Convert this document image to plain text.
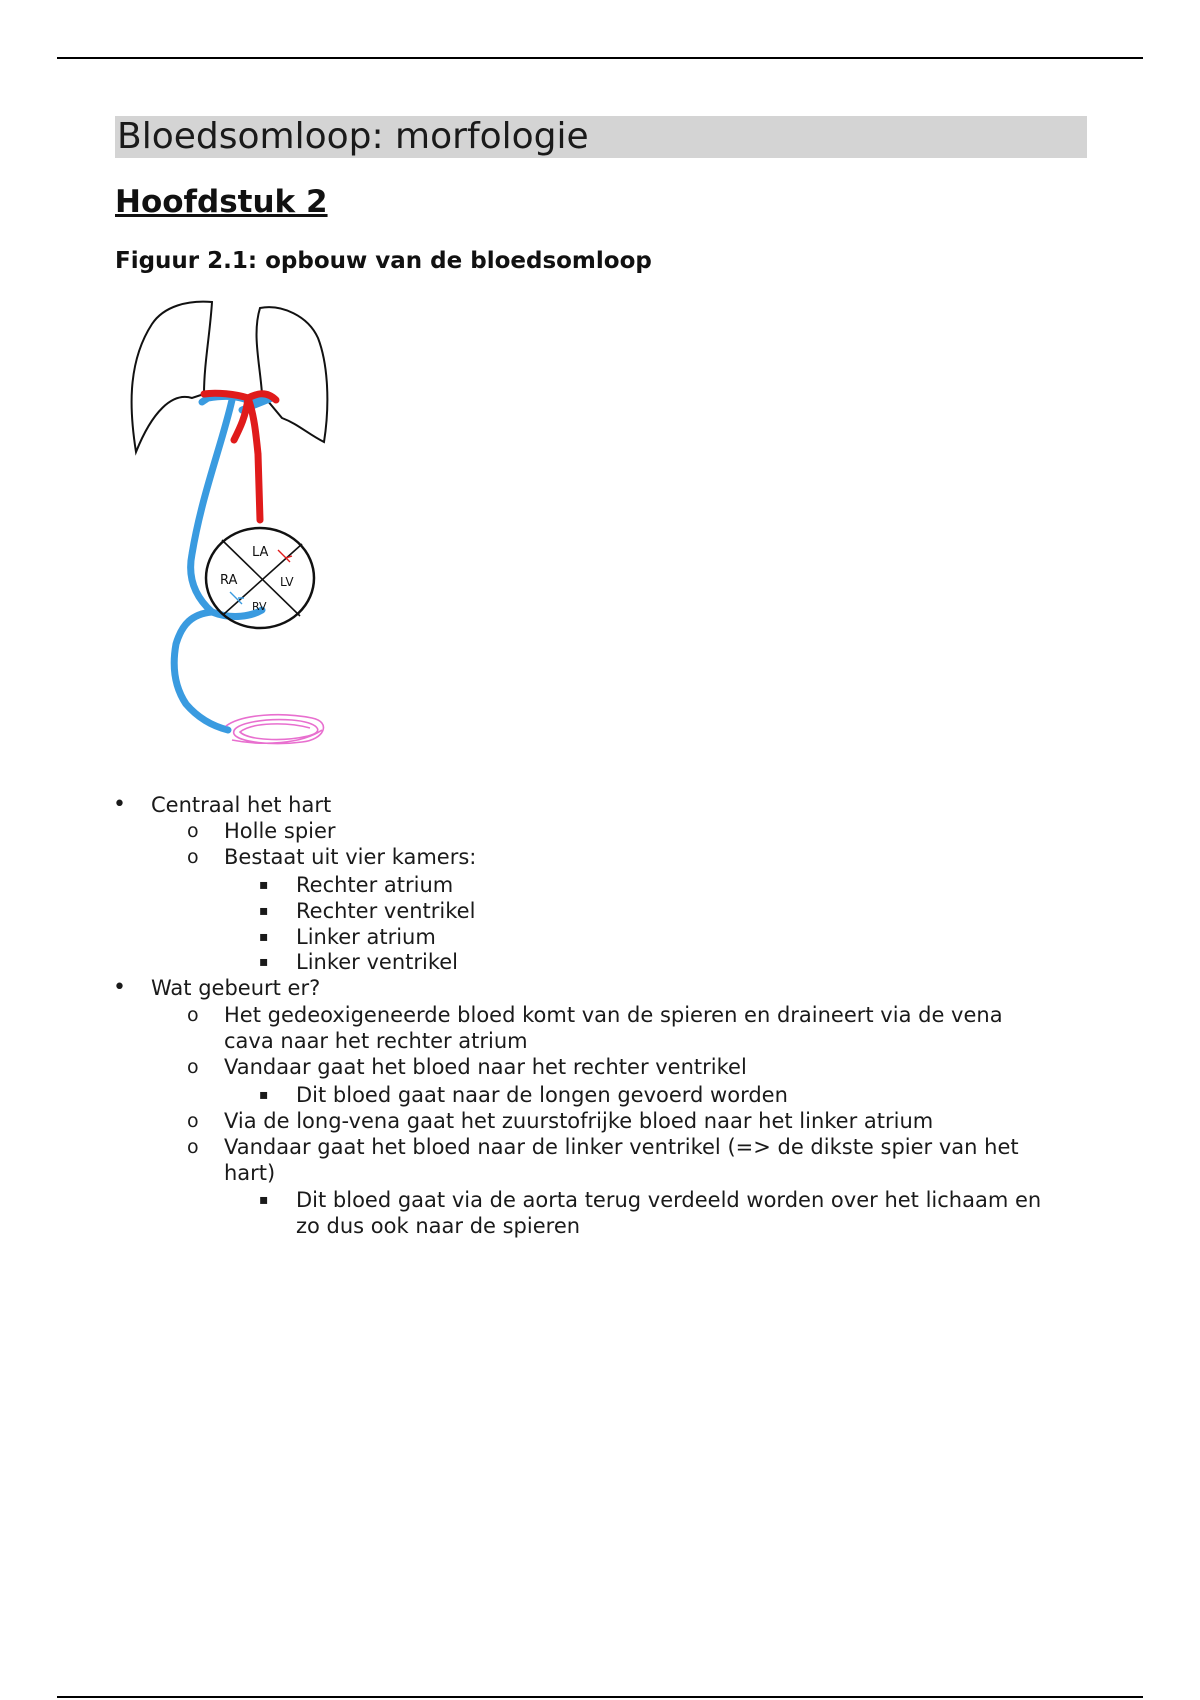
Bloedsomloop: morfologie
Hoofdstuk 2
Figuur 2.1: opbouw van de bloedsomloop
LA
RA	LV
RV
• Centraal het hart
o Holle spier
o Bestaat uit vier kamers:
▪ Rechter atrium
▪ Rechter ventrikel
▪ Linker atrium
▪ Linker ventrikel
• Wat gebeurt er?
o Het gedeoxigeneerde bloed komt van de spieren en draineert via de vena
cava naar het rechter atrium
o Vandaar gaat het bloed naar het rechter ventrikel
▪ Dit bloed gaat naar de longen gevoerd worden
o Via de long-vena gaat het zuurstofrijke bloed naar het linker atrium
o Vandaar gaat het bloed naar de linker ventrikel (=> de dikste spier van het
hart)
▪ Dit bloed gaat via de aorta terug verdeeld worden over het lichaam en
zo dus ook naar de spieren
